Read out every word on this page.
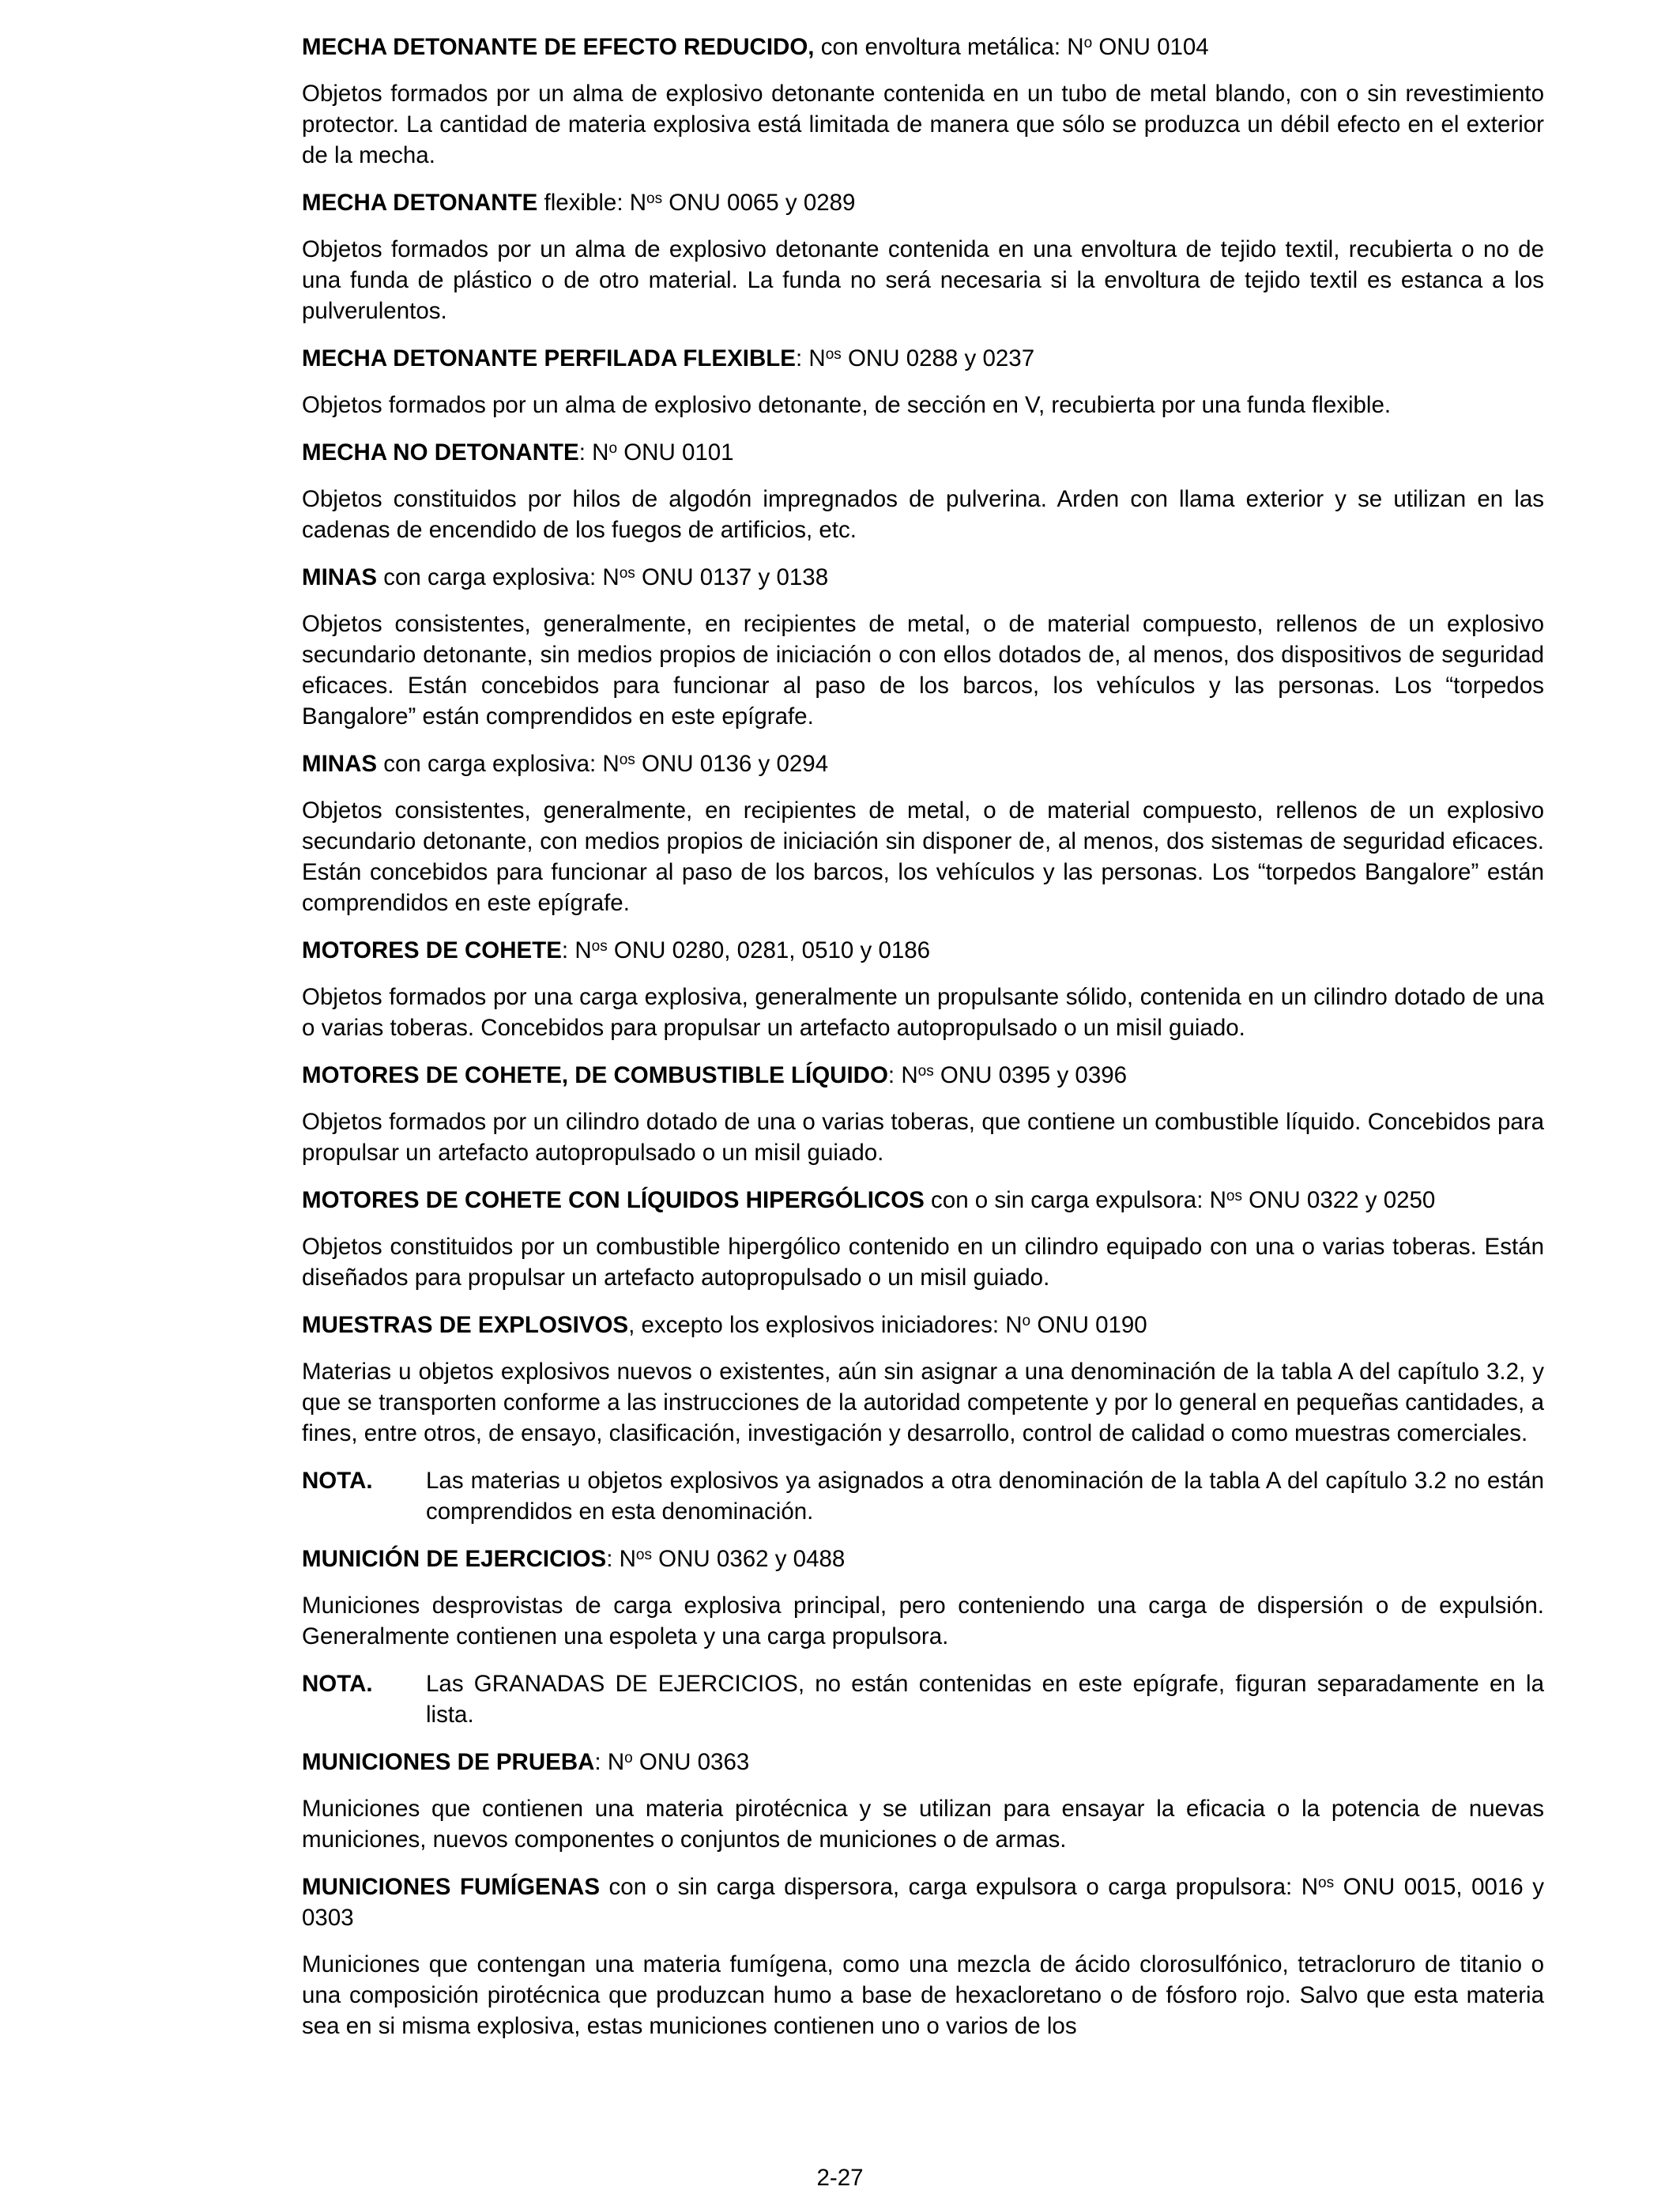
MECHA DETONANTE DE EFECTO REDUCIDO, con envoltura metálica: $N^o$ ONU 0104

Objetos formados por un alma de explosivo detonante contenida en un tubo de metal blando, con o sin revestimiento protector. La cantidad de materia explosiva está limitada de manera que sólo se produzca un débil efecto en el exterior de la mecha.

MECHA DETONANTE flexible: $N^{os}$ ONU 0065 y 0289

Objetos formados por un alma de explosivo detonante contenida en una envoltura de tejido textil, recubierta o no de una funda de plástico o de otro material. La funda no será necesaria si la envoltura de tejido textil es estanca a los pulverulentos.

MECHA DETONANTE PERFILADA FLEXIBLE: $N^{os}$ ONU 0288 y 0237

Objetos formados por un alma de explosivo detonante, de sección en V, recubierta por una funda flexible.

MECHA NO DETONANTE: $N^o$ ONU 0101

Objetos constituidos por hilos de algodón impregnados de pulverina. Arden con llama exterior y se utilizan en las cadenas de encendido de los fuegos de artificios, etc.

MINAS con carga explosiva: $N^{os}$ ONU 0137 y 0138

Objetos consistentes, generalmente, en recipientes de metal, o de material compuesto, rellenos de un explosivo secundario detonante, sin medios propios de iniciación o con ellos dotados de, al menos, dos dispositivos de seguridad eficaces. Están concebidos para funcionar al paso de los barcos, los vehículos y las personas. Los “torpedos Bangalore” están comprendidos en este epígrafe.

MINAS con carga explosiva: $N^{os}$ ONU 0136 y 0294

Objetos consistentes, generalmente, en recipientes de metal, o de material compuesto, rellenos de un explosivo secundario detonante, con medios propios de iniciación sin disponer de, al menos, dos sistemas de seguridad eficaces. Están concebidos para funcionar al paso de los barcos, los vehículos y las personas. Los “torpedos Bangalore” están comprendidos en este epígrafe.

MOTORES DE COHETE: $N^{os}$ ONU 0280, 0281, 0510 y 0186

Objetos formados por una carga explosiva, generalmente un propulsante sólido, contenida en un cilindro dotado de una o varias toberas. Concebidos para propulsar un artefacto autopropulsado o un misil guiado.

MOTORES DE COHETE, DE COMBUSTIBLE LÍQUIDO: $N^{os}$ ONU 0395 y 0396

Objetos formados por un cilindro dotado de una o varias toberas, que contiene un combustible líquido. Concebidos para propulsar un artefacto autopropulsado o un misil guiado.

MOTORES DE COHETE CON LÍQUIDOS HIPERGÓLICOS con o sin carga expulsora: $N^{os}$ ONU 0322 y 0250

Objetos constituidos por un combustible hipergólico contenido en un cilindro equipado con una o varias toberas. Están diseñados para propulsar un artefacto autopropulsado o un misil guiado.

MUESTRAS DE EXPLOSIVOS, excepto los explosivos iniciadores: $N^o$ ONU 0190

Materias u objetos explosivos nuevos o existentes, aún sin asignar a una denominación de la tabla A del capítulo 3.2, y que se transporten conforme a las instrucciones de la autoridad competente y por lo general en pequeñas cantidades, a fines, entre otros, de ensayo, clasificación, investigación y desarrollo, control de calidad o como muestras comerciales.

NOTA.	Las materias u objetos explosivos ya asignados a otra denominación de la tabla A del capítulo 3.2 no están comprendidos en esta denominación.

MUNICIÓN DE EJERCICIOS: $N^{os}$ ONU 0362 y 0488

Municiones desprovistas de carga explosiva principal, pero conteniendo una carga de dispersión o de expulsión. Generalmente contienen una espoleta y una carga propulsora.

NOTA.	Las GRANADAS DE EJERCICIOS, no están contenidas en este epígrafe, figuran separadamente en la lista.

MUNICIONES DE PRUEBA: $N^o$ ONU 0363

Municiones que contienen una materia pirotécnica y se utilizan para ensayar la eficacia o la potencia de nuevas municiones, nuevos componentes o conjuntos de municiones o de armas.

MUNICIONES FUMÍGENAS con o sin carga dispersora, carga expulsora o carga propulsora: $N^{os}$ ONU 0015, 0016 y 0303

Municiones que contengan una materia fumígena, como una mezcla de ácido clorosulfónico, tetracloruro de titanio o una composición pirotécnica que produzcan humo a base de hexacloretano o de fósforo rojo. Salvo que esta materia sea en si misma explosiva, estas municiones contienen uno o varios de los

2-27
